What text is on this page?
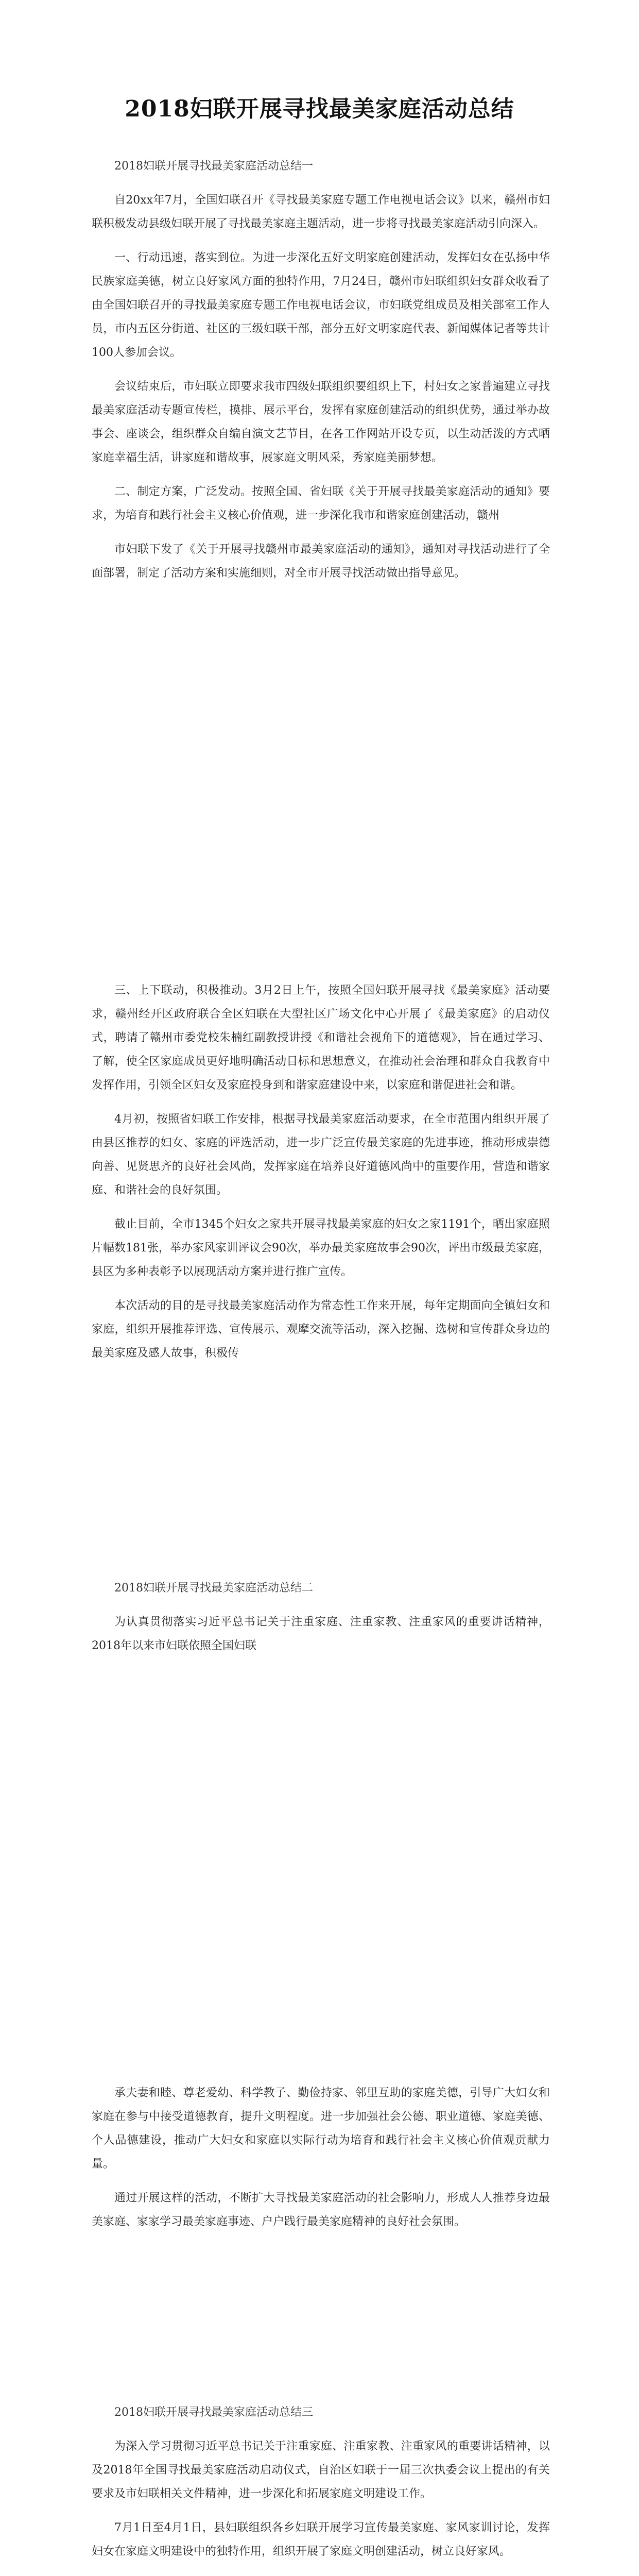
2018妇联开展寻找最美家庭活动总结
2018妇联开展寻找最美家庭活动总结一
自20xx年7月，全国妇联召开《寻找最美家庭专题工作电视电话会议》以来，赣州市妇联积极发动县级妇联开展了寻找最美家庭主题活动，进一步将寻找最美家庭活动引向深入。
一、行动迅速，落实到位。为进一步深化五好文明家庭创建活动，发挥妇女在弘扬中华民族家庭美德，树立良好家风方面的独特作用，7月24日，赣州市妇联组织妇女群众收看了由全国妇联召开的寻找最美家庭专题工作电视电话会议，市妇联党组成员及相关部室工作人员，市内五区分街道、社区的三级妇联干部，部分五好文明家庭代表、新闻媒体记者等共计100人参加会议。
会议结束后，市妇联立即要求我市四级妇联组织要组织上下，村妇女之家普遍建立寻找最美家庭活动专题宣传栏，摸排、展示平台，发挥有家庭创建活动的组织优势，通过举办故事会、座谈会，组织群众自编自演文艺节目，在各工作网站开设专页，以生动活泼的方式晒家庭幸福生活，讲家庭和谐故事，展家庭文明风采，秀家庭美丽梦想。
二、制定方案，广泛发动。按照全国、省妇联《关于开展寻找最美家庭活动的通知》要求，为培育和践行社会主义核心价值观，进一步深化我市和谐家庭创建活动，赣州
市妇联下发了《关于开展寻找赣州市最美家庭活动的通知》，通知对寻找活动进行了全面部署，制定了活动方案和实施细则，对全市开展寻找活动做出指导意见。
三、上下联动，积极推动。3月2日上午，按照全国妇联开展寻找《最美家庭》活动要求，赣州经开区政府联合全区妇联在大型社区广场文化中心开展了《最美家庭》的启动仪式，聘请了赣州市委党校朱楠红副教授讲授《和谐社会视角下的道德观》，旨在通过学习、了解，使全区家庭成员更好地明确活动目标和思想意义，在推动社会治理和群众自我教育中发挥作用，引领全区妇女及家庭投身到和谐家庭建设中来，以家庭和谐促进社会和谐。
4月初，按照省妇联工作安排，根据寻找最美家庭活动要求，在全市范围内组织开展了由县区推荐的妇女、家庭的评选活动，进一步广泛宣传最美家庭的先进事迹，推动形成崇德向善、见贤思齐的良好社会风尚，发挥家庭在培养良好道德风尚中的重要作用，营造和谐家庭、和谐社会的良好氛围。
截止目前，全市1345个妇女之家共开展寻找最美家庭的妇女之家1191个，晒出家庭照片幅数181张，举办家风家训评议会90次，举办最美家庭故事会90次，评出市级最美家庭，县区为多种表彰予以展现活动方案并进行推广宣传。
本次活动的目的是寻找最美家庭活动作为常态性工作来开展，每年定期面向全镇妇女和家庭，组织开展推荐评选、宣传展示、观摩交流等活动，深入挖掘、选树和宣传群众身边的最美家庭及感人故事，积极传
2018妇联开展寻找最美家庭活动总结二
为认真贯彻落实习近平总书记关于注重家庭、注重家教、注重家风的重要讲话精神，2018年以来市妇联依照全国妇联
承夫妻和睦、尊老爱幼、科学教子、勤俭持家、邻里互助的家庭美德，引导广大妇女和家庭在参与中接受道德教育，提升文明程度。进一步加强社会公德、职业道德、家庭美德、个人品德建设，推动广大妇女和家庭以实际行动为培育和践行社会主义核心价值观贡献力量。
通过开展这样的活动，不断扩大寻找最美家庭活动的社会影响力，形成人人推荐身边最美家庭、家家学习最美家庭事迹、户户践行最美家庭精神的良好社会氛围。
2018妇联开展寻找最美家庭活动总结三
为深入学习贯彻习近平总书记关于注重家庭、注重家教、注重家风的重要讲话精神，以及2018年全国寻找最美家庭活动启动仪式，自治区妇联于一届三次执委会议上提出的有关要求及市妇联相关文件精神，进一步深化和拓展家庭文明建设工作。
7月1日至4月1日，县妇联组织各乡妇联开展学习宣传最美家庭、家风家训讨论，发挥妇女在家庭文明建设中的独特作用，组织开展了家庭文明创建活动，树立良好家风。
